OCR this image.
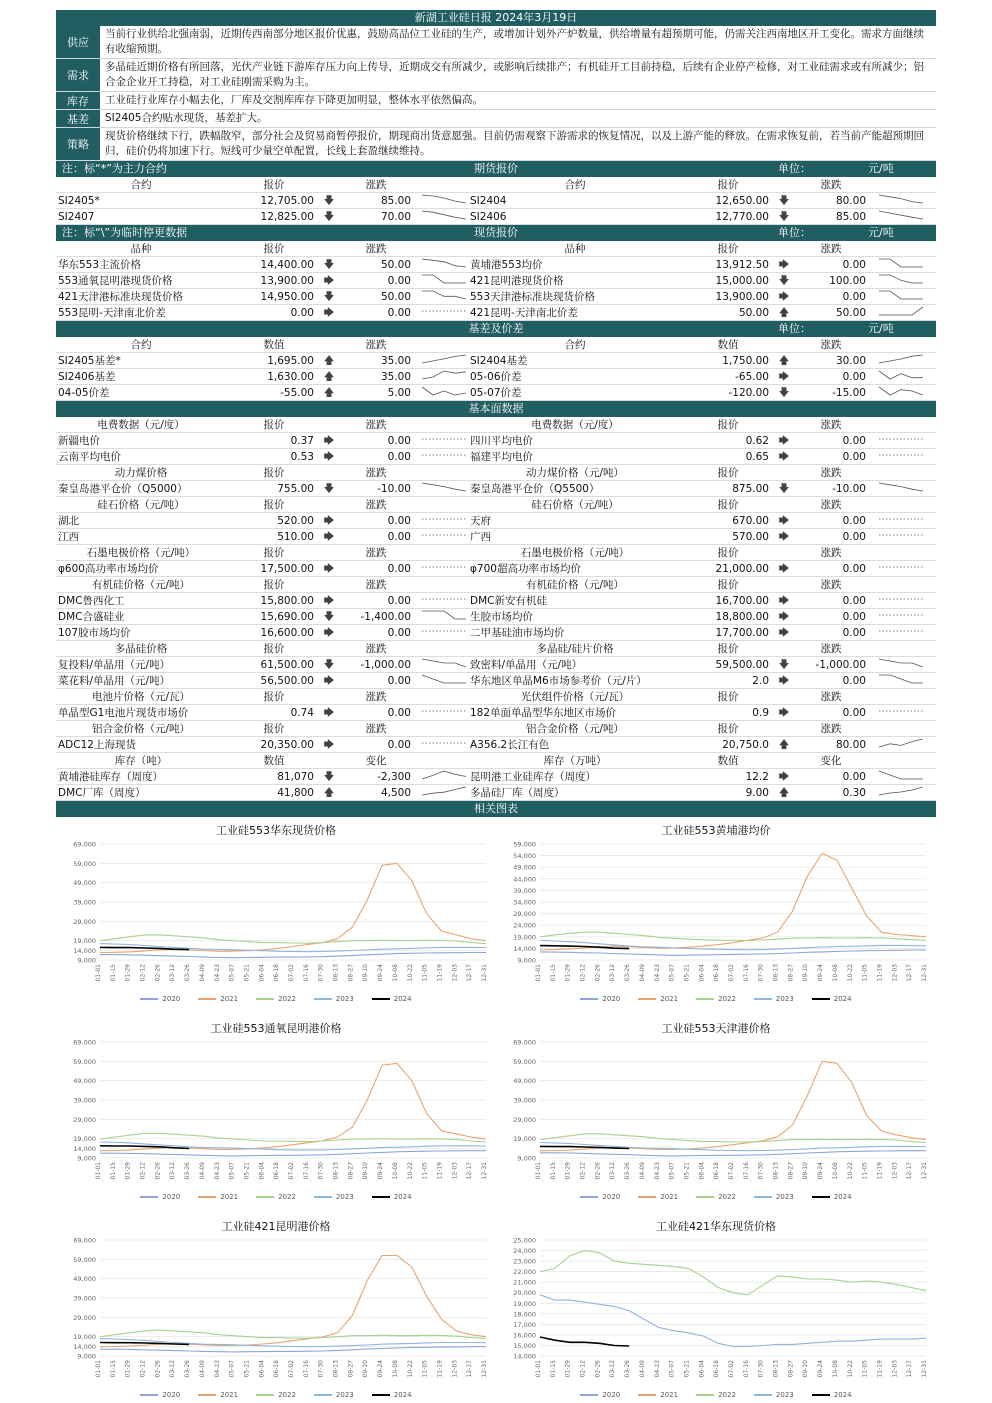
新湖工业硅日报 2024年3月19日
供应
当前行业供给北强南弱，近期传西南部分地区报价优惠，鼓励高品位工业硅的生产，或增加计划外产炉数量，供给增量有超预期可能，仍需关注西南地区开工变化。需求方面继续有收缩预期。
需求
多晶硅近期价格有所回落，光伏产业链下游库存压力向上传导，近期成交有所减少，或影响后续排产；有机硅开工目前持稳，后续有企业停产检修，对工业硅需求或有所减少；铝合金企业开工持稳，对工业硅刚需采购为主。
库存	工业硅行业库存小幅去化，厂库及交割库库存下降更加明显，整体水平依然偏高。
基差	SI2405合约贴水现货，基差扩大。
策略
现货价格继续下行，跌幅散窄，部分社会及贸易商暂停报价，期现商出货意愿强。目前仍需观察下游需求的恢复情况，以及上游产能的释放。在需求恢复前，若当前产能超预期回归，硅价仍将加速下行。短线可少量空单配置，长线上套盈继续维持。
注：标“*”为主力合约	期货报价	单位：	元/吨
合约	报价	涨跌	合约	报价	涨跌
SI2405*	12,705.00 🡇	85.00	SI2404	12,650.00 🡇	80.00
SI2407	12,825.00 🡇	70.00	SI2406	12,770.00 🡇	85.00
注：标“\”为临时停更数据	现货报价	单位：	元/吨
品种	报价	涨跌	品种	报价	涨跌
华东553主流价格	14,400.00 🡇	50.00	黄埔港553均价	13,912.50 🡆	0.00
553通氧昆明港现货价格	13,900.00 🡆	0.00	421昆明港现货价格	15,000.00 🡇	100.00
421天津港标准块现货价格	14,950.00 🡇	50.00	553天津港标准块现货价格	13,900.00 🡆	0.00
553昆明-天津南北价差	0.00 🡆	0.00	421昆明-天津南北价差	50.00 🡅	50.00
基差及价差	单位：	元/吨
合约	数值	涨跌	合约	数值	涨跌
SI2405基差*	1,695.00 🡅	35.00	SI2404基差	1,750.00 🡅	30.00
SI2406基差	1,630.00 🡅	35.00	05-06价差	-65.00 🡆	0.00
04-05价差	-55.00 🡅	5.00	05-07价差	-120.00 🡇	-15.00
基本面数据
电费数据（元/度）	报价	涨跌	电费数据（元/度）	报价	涨跌
新疆电价	0.37 🡆	0.00	四川平均电价	0.62 🡆	0.00
云南平均电价	0.53 🡆	0.00	福建平均电价	0.65 🡆	0.00
动力煤价格	报价	涨跌	动力煤价格（元/吨）	报价	涨跌
秦皇岛港平仓价（Q5000）	755.00 🡇	-10.00	秦皇岛港平仓价（Q5500）	875.00 🡇	-10.00
硅石价格（元/吨）	报价	涨跌	硅石价格（元/吨）	报价	涨跌
湖北	520.00 🡆	0.00	天府	670.00 🡆	0.00
江西	510.00 🡆	0.00	广西	570.00 🡆	0.00
石墨电极价格（元/吨）	报价	涨跌	石墨电极价格（元/吨）	报价	涨跌
φ600高功率市场均价	17,500.00 🡆	0.00	φ700超高功率市场均价	21,000.00 🡆	0.00
有机硅价格（元/吨）	报价	涨跌	有机硅价格（元/吨）	报价	涨跌
DMC鲁西化工	15,800.00 🡆	0.00	DMC新安有机硅	16,700.00 🡆	0.00
DMC合盛硅业	15,690.00 🡇	-1,400.00	生胶市场均价	18,800.00 🡆	0.00
107胶市场均价	16,600.00 🡆	0.00	二甲基硅油市场均价	17,700.00 🡆	0.00
多晶硅价格	报价	涨跌	多晶硅/硅片价格	报价	涨跌
复投料/单晶用（元/吨）	61,500.00 🡇	-1,000.00	致密料/单晶用（元/吨）	59,500.00 🡇	-1,000.00
菜花料/单晶用（元/吨）	56,500.00 🡆	0.00	华东地区单晶M6市场参考价（元/片）	2.0 🡆	0.00
电池片价格（元/瓦）	报价	涨跌	光伏组件价格（元/瓦）	报价	涨跌
单晶型G1电池片现货市场价	0.74 🡆	0.00	182单面单晶型华东地区市场价	0.9 🡆	0.00
铝合金价格（元/吨）	报价	涨跌	铝合金价格（元/吨）	报价	涨跌
ADC12上海现货	20,350.00 🡆	0.00	A356.2长江有色	20,750.0 🡅	80.00
库存（吨）	数值	变化	库存（万吨）	数值	变化
黄埔港硅库存（周度）	81,070 🡇	-2,300	昆明港工业硅库存（周度）	12.2 🡆	0.00
DMC厂库（周度）	41,800 🡅	4,500	多晶硅厂库（周度）	9.00 🡅	0.30
相关图表
工业硅553华东现货价格
9,000
14,000
19,000
29,000
39,000
49,000
59,000
69,000
01-01 01-15 01-29 02-12 02-26 03-12 03-26 04-09 04-23 05-07 05-21 06-04 06-18 07-02 07-16 07-30 08-13 08-27 09-10 09-24 10-08 10-22 11-05 11-19 12-03 12-17 12-31
2020	2021	2022	2023	2024
工业硅553黄埔港均价
9,000
14,000
19,000
24,000
29,000
34,000
39,000
44,000
49,000
54,000
59,000
01-01 01-15 01-29 02-12 02-26 03-12 03-26 04-09 04-23 05-07 05-21 06-04 06-18 07-02 07-16 07-30 08-13 08-27 09-10 09-24 10-08 10-22 11-05 11-19 12-03 12-17 12-31
2020	2021	2022	2023	2024
工业硅553通氧昆明港价格
9,000
14,000
19,000
29,000
39,000
49,000
59,000
69,000
01-01 01-15 01-29 02-12 02-26 03-12 03-26 04-09 04-23 05-07 05-21 06-04 06-18 07-02 07-16 07-30 08-13 08-27 09-10 09-24 10-08 10-22 11-05 11-19 12-03 12-17 12-31
2020	2021	2022	2023	2024
工业硅553天津港价格
9,000
19,000
29,000
39,000
49,000
59,000
69,000
01-01 01-15 01-29 02-12 02-26 03-12 03-26 04-09 04-23 05-07 05-21 06-04 06-18 07-02 07-16 07-30 08-13 08-27 09-10 09-24 10-08 10-22 11-05 11-19 12-03 12-17 12-31
2020	2021	2022	2023	2024
工业硅421昆明港价格
9,000
14,000
19,000
29,000
39,000
49,000
59,000
69,000
01-01 01-15 01-29 02-12 02-26 03-12 03-26 04-09 04-23 05-07 05-21 06-04 06-18 07-02 07-16 07-30 08-13 08-27 09-10 09-24 10-08 10-22 11-05 11-19 12-03 12-17 12-31
2020	2021	2022	2023	2024
工业硅421华东现货价格
14,000
15,000
16,000
17,000
18,000
19,000
20,000
21,000
22,000
23,000
24,000
25,000
01-01 01-15 01-29 02-12 02-26 03-12 03-26 04-09 04-23 05-07 05-21 06-04 06-18 07-02 07-16 07-30 08-13 08-27 09-10 09-24 10-08 10-22 11-05 11-19 12-03 12-17 12-31
2020	2021	2022	2023	2024
